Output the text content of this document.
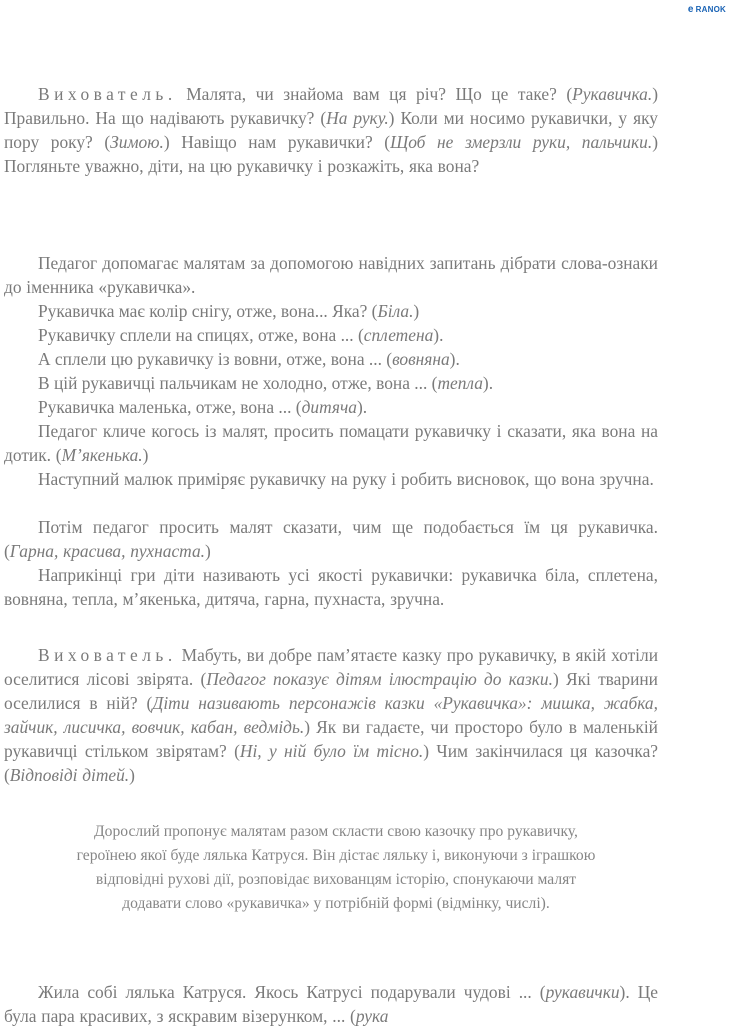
e RANOK
Вихователь. Малята, чи знайома вам ця річ? Що це таке? (Рукавичка.) Правильно. На що надівають рукавичку? (На руку.) Коли ми носимо рукавички, у яку пору року? (Зимою.) Навіщо нам рукавички? (Щоб не змерзли руки, пальчики.) Погляньте уважно, діти, на цю рукавичку і розкажіть, яка вона?
Педагог допомагає малятам за допомогою навідних запитань дібрати слова-ознаки до іменника «рукавичка».
Рукавичка має колір снігу, отже, вона... Яка? (Біла.)
Рукавичку сплели на спицях, отже, вона ... (сплетена).
А сплели цю рукавичку із вовни, отже, вона ... (вовняна).
В цій рукавичці пальчикам не холодно, отже, вона ... (тепла).
Рукавичка маленька, отже, вона ... (дитяча).
Педагог кличе когось із малят, просить помацати рукавичку і сказати, яка вона на дотик. (М’якенька.)
Наступний малюк приміряє рукавичку на руку і робить висновок, що вона зручна.
Потім педагог просить малят сказати, чим ще подобається їм ця рукавичка. (Гарна, красива, пухнаста.)
Наприкінці гри діти називають усі якості рукавички: рукавичка біла, сплетена, вовняна, тепла, м’якенька, дитяча, гарна, пухнаста, зручна.
Вихователь. Мабуть, ви добре пам’ятаєте казку про рукавичку, в якій хотіли оселитися лісові звірята. (Педагог показує дітям ілюстрацію до казки.) Які тварини оселилися в ній? (Діти називають персонажів казки «Рукавичка»: мишка, жабка, зайчик, лисичка, вовчик, кабан, ведмідь.) Як ви гадаєте, чи просторо було в маленькій рукавичці стільком звірятам? (Ні, у ній було їм тісно.) Чим закінчилася ця казочка? (Відповіді дітей.)
Жила собі лялька Катруся. Якось Катрусі подарували чудові ... (рукавички). Це була пара красивих, з яскравим візерунком, ... (рука
Дорослий пропонує малятам разом скласти свою казочку про рукавичку, героїнею якої буде лялька Катруся. Він дістає ляльку і, виконуючи з іграшкою відповідні рухові дії, розповідає вихованцям історію, спонукаючи малят додавати слово «рукавичка» у потрібній формі (відмінку, числі).
